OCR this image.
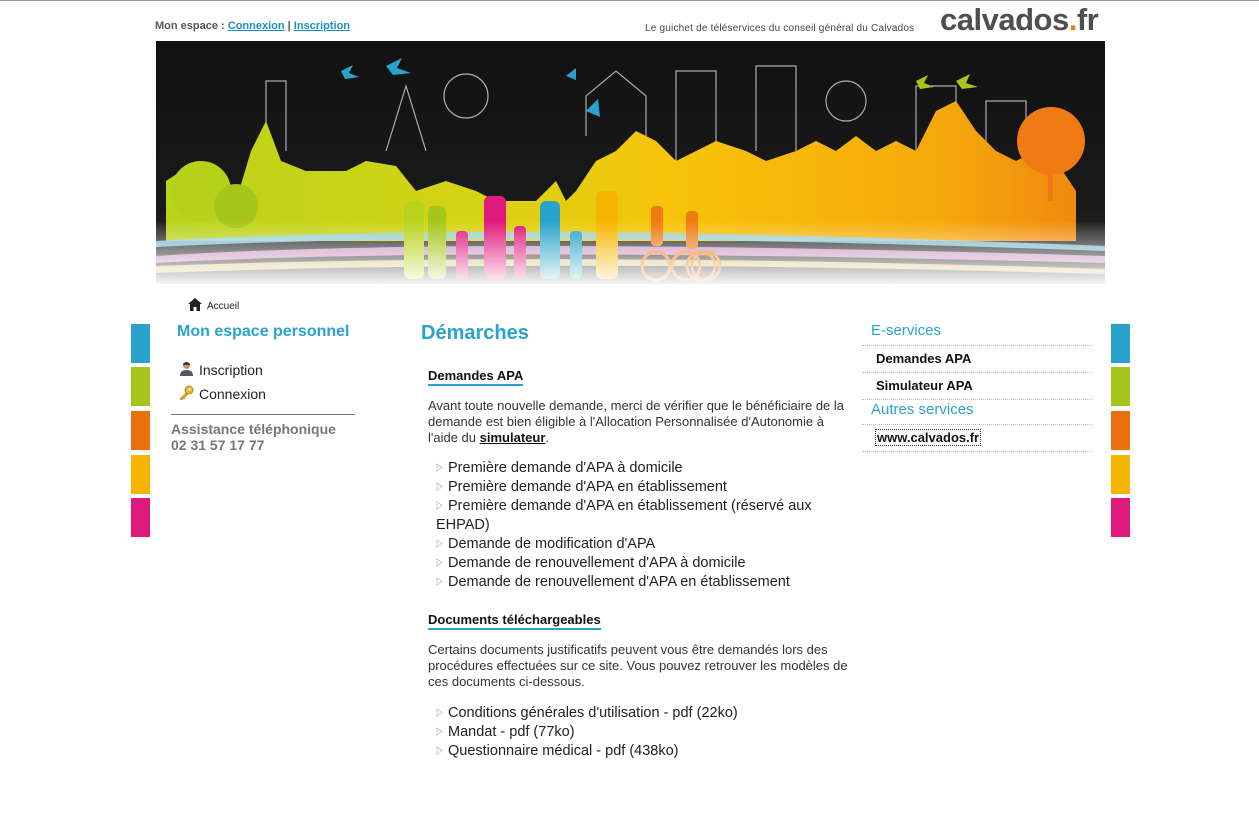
Mon espace : Connexion | Inscription	Le guichet de téléservices du conseil général du Calvados calvados.fr
Accueil
Mon espace personnel
Inscription
Connexion
Assistance téléphonique
02 31 57 17 77
Démarches
Demandes APA
Avant toute nouvelle demande, merci de vérifier que le bénéficiaire de la demande est bien éligible à l'Allocation Personnalisée d'Autonomie à l'aide du simulateur.
Première demande d'APA à domicile
Première demande d'APA en établissement
Première demande d'APA en établissement (réservé aux EHPAD)
Demande de modification d'APA
Demande de renouvellement d'APA à domicile
Demande de renouvellement d'APA en établissement
Documents téléchargeables
Certains documents justificatifs peuvent vous être demandés lors des procédures effectuées sur ce site. Vous pouvez retrouver les modèles de ces documents ci-dessous.
Conditions générales d'utilisation - pdf (22ko)
Mandat - pdf (77ko)
Questionnaire médical - pdf (438ko)
E-services
Demandes APA
Simulateur APA
Autres services
www.calvados.fr
